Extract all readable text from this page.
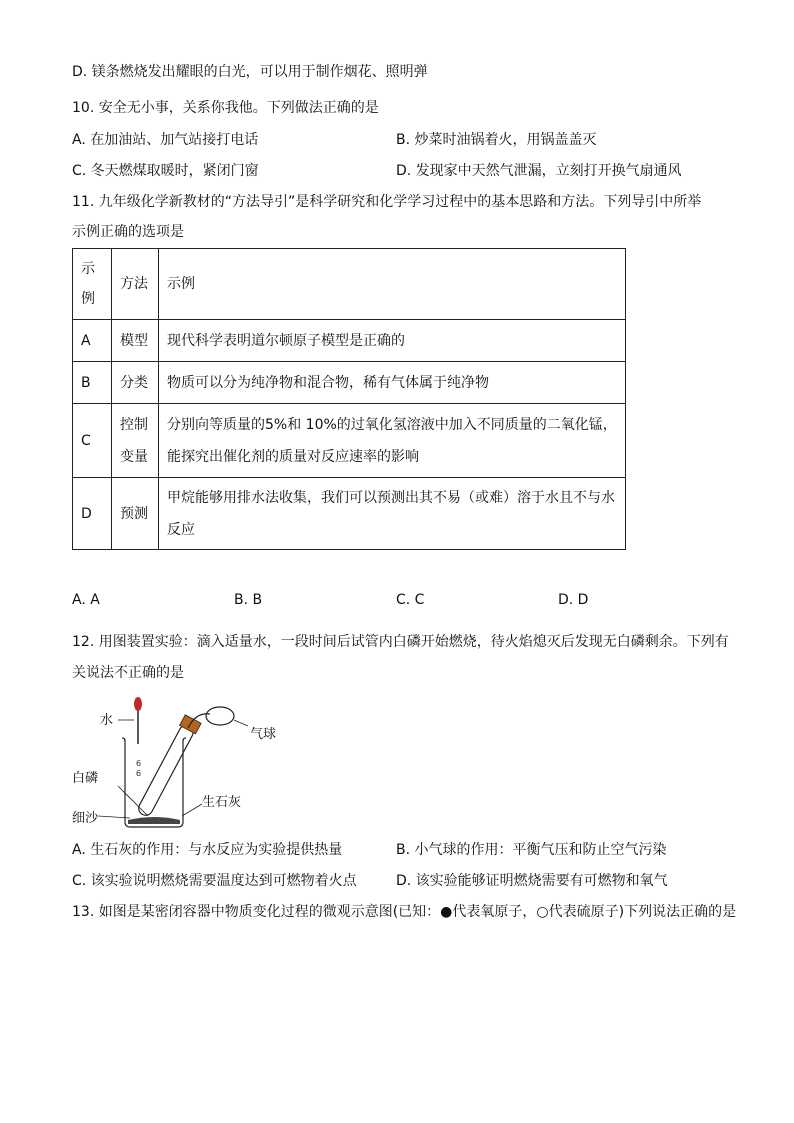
D. 镁条燃烧发出耀眼的白光，可以用于制作烟花、照明弹
10. 安全无小事，关系你我他。下列做法正确的是
A. 在加油站、加气站接打电话	B. 炒菜时油锅着火，用锅盖盖灭
C. 冬天燃煤取暖时，紧闭门窗	D. 发现家中天然气泄漏，立刻打开换气扇通风
11. 九年级化学新教材的“方法导引”是科学研究和化学学习过程中的基本思路和方法。下列导引中所举
示例正确的选项是
示
例	方法	示例
A	模型	现代科学表明道尔顿原子模型是正确的
B	分类	物质可以分为纯净物和混合物，稀有气体属于纯净物
C	控制
变量	分别向等质量的5%和 10%的过氧化氢溶液中加入不同质量的二氧化锰，
能探究出催化剂的质量对反应速率的影响

D	预测	甲烷能够用排水法收集，我们可以预测出其不易（或难）溶于水且不与水
反应
A. A	B. B	C. C	D. D
12. 用图装置实验：滴入适量水，一段时间后试管内白磷开始燃烧，待火焰熄灭后发现无白磷剩余。下列有
关说法不正确的是
6
6
水
气球
白磷
生石灰
细沙
A. 生石灰的作用：与水反应为实验提供热量	B. 小气球的作用：平衡气压和防止空气污染
C. 该实验说明燃烧需要温度达到可燃物着火点	D. 该实验能够证明燃烧需要有可燃物和氧气
13. 如图是某密闭容器中物质变化过程的微观示意图(已知：●代表氧原子，○代表硫原子)下列说法正确的是
